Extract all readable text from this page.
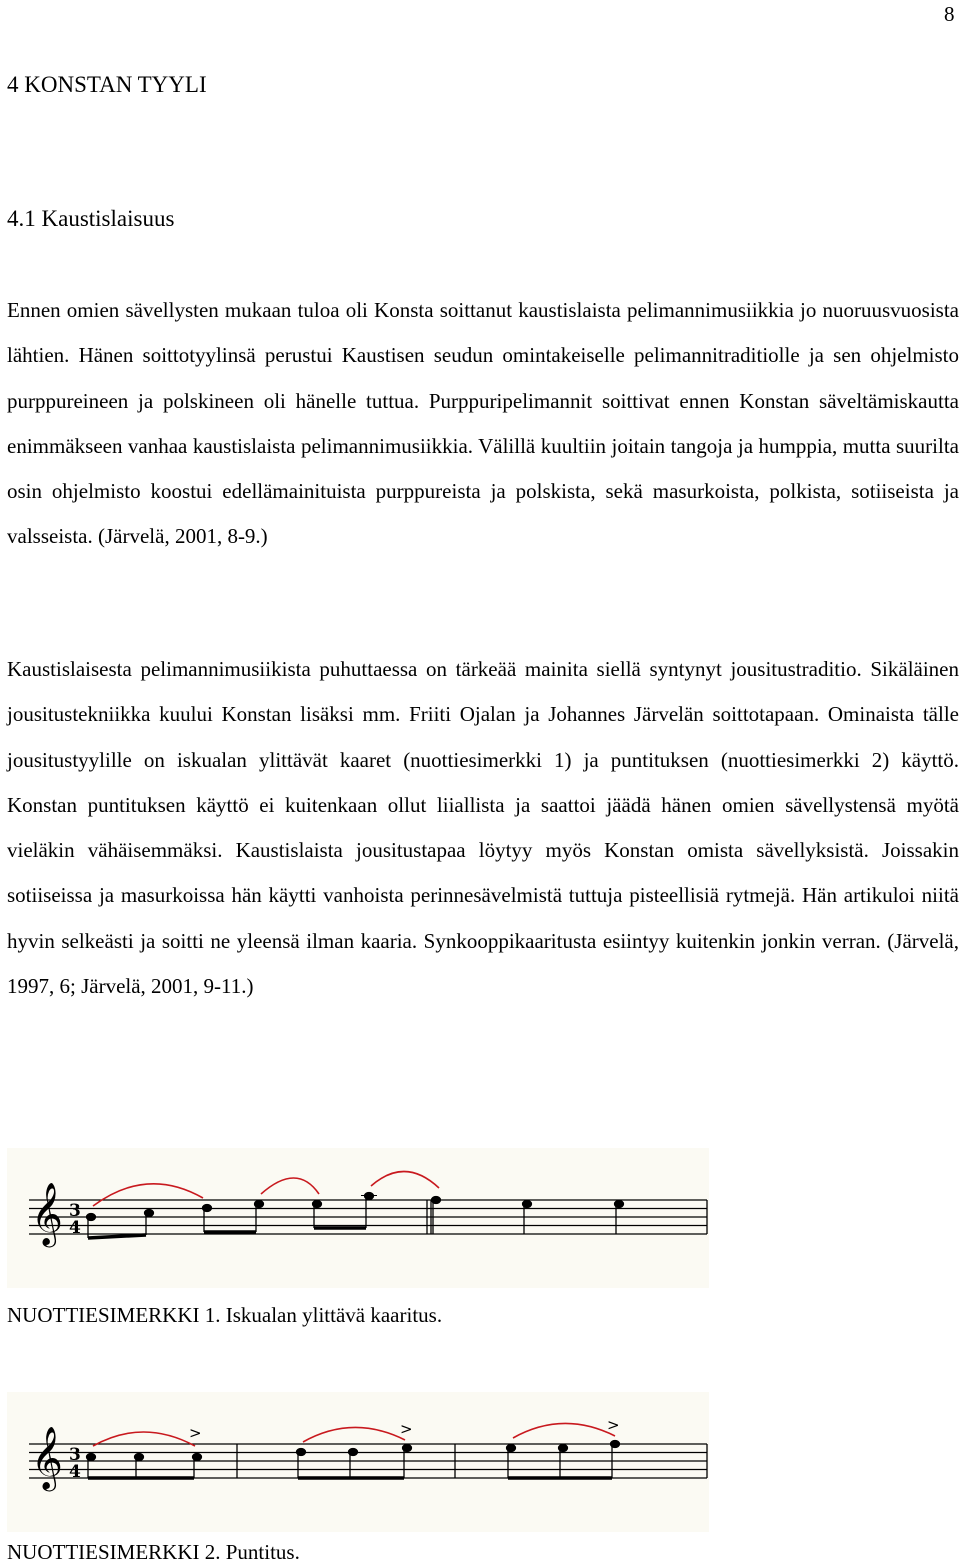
8
4 KONSTAN TYYLI
4.1 Kaustislaisuus

Ennen omien sävellysten mukaan tuloa oli Konsta soittanut kaustislaista pelimannimusiikkia jo nuoruusvuosista lähtien. Hänen soittotyylinsä perustui Kaustisen seudun omintakeiselle pelimannitraditiolle ja sen ohjelmisto purppureineen ja polskineen oli hänelle tuttua. Purppuripelimannit soittivat ennen Konstan säveltämiskautta enimmäkseen vanhaa kaustislaista pelimannimusiikkia. Välillä kuultiin joitain tangoja ja humppia, mutta suurilta osin ohjelmisto koostui edellämainituista purppureista ja polskista, sekä masurkoista, polkista, sotiiseista ja valsseista. (Järvelä, 2001, 8-9.)

Kaustislaisesta pelimannimusiikista puhuttaessa on tärkeää mainita siellä syntynyt jousitustraditio. Sikäläinen jousitustekniikka kuului Konstan lisäksi mm. Friiti Ojalan ja Johannes Järvelän soittotapaan. Ominaista tälle jousitustyylille on iskualan ylittävät kaaret (nuottiesimerkki 1) ja puntituksen (nuottiesimerkki 2) käyttö. Konstan puntituksen käyttö ei kuitenkaan ollut liiallista ja saattoi jäädä hänen omien sävellystensä myötä vieläkin vähäisemmäksi. Kaustislaista jousitustapaa löytyy myös Konstan omista sävellyksistä. Joissakin sotiiseissa ja masurkoissa hän käytti vanhoista perinnesävelmistä tuttuja pisteellisiä rytmejä. Hän artikuloi niitä hyvin selkeästi ja soitti ne yleensä ilman kaaria. Synkooppikaaritusta esiintyy kuitenkin jonkin verran. (Järvelä, 1997, 6; Järvelä, 2001, 9-11.)

𝄞 3
4

NUOTTIESIMERKKI 1. Iskualan ylittävä kaaritus.

𝄞 3
4
>	>	>

NUOTTIESIMERKKI 2. Puntitus.
